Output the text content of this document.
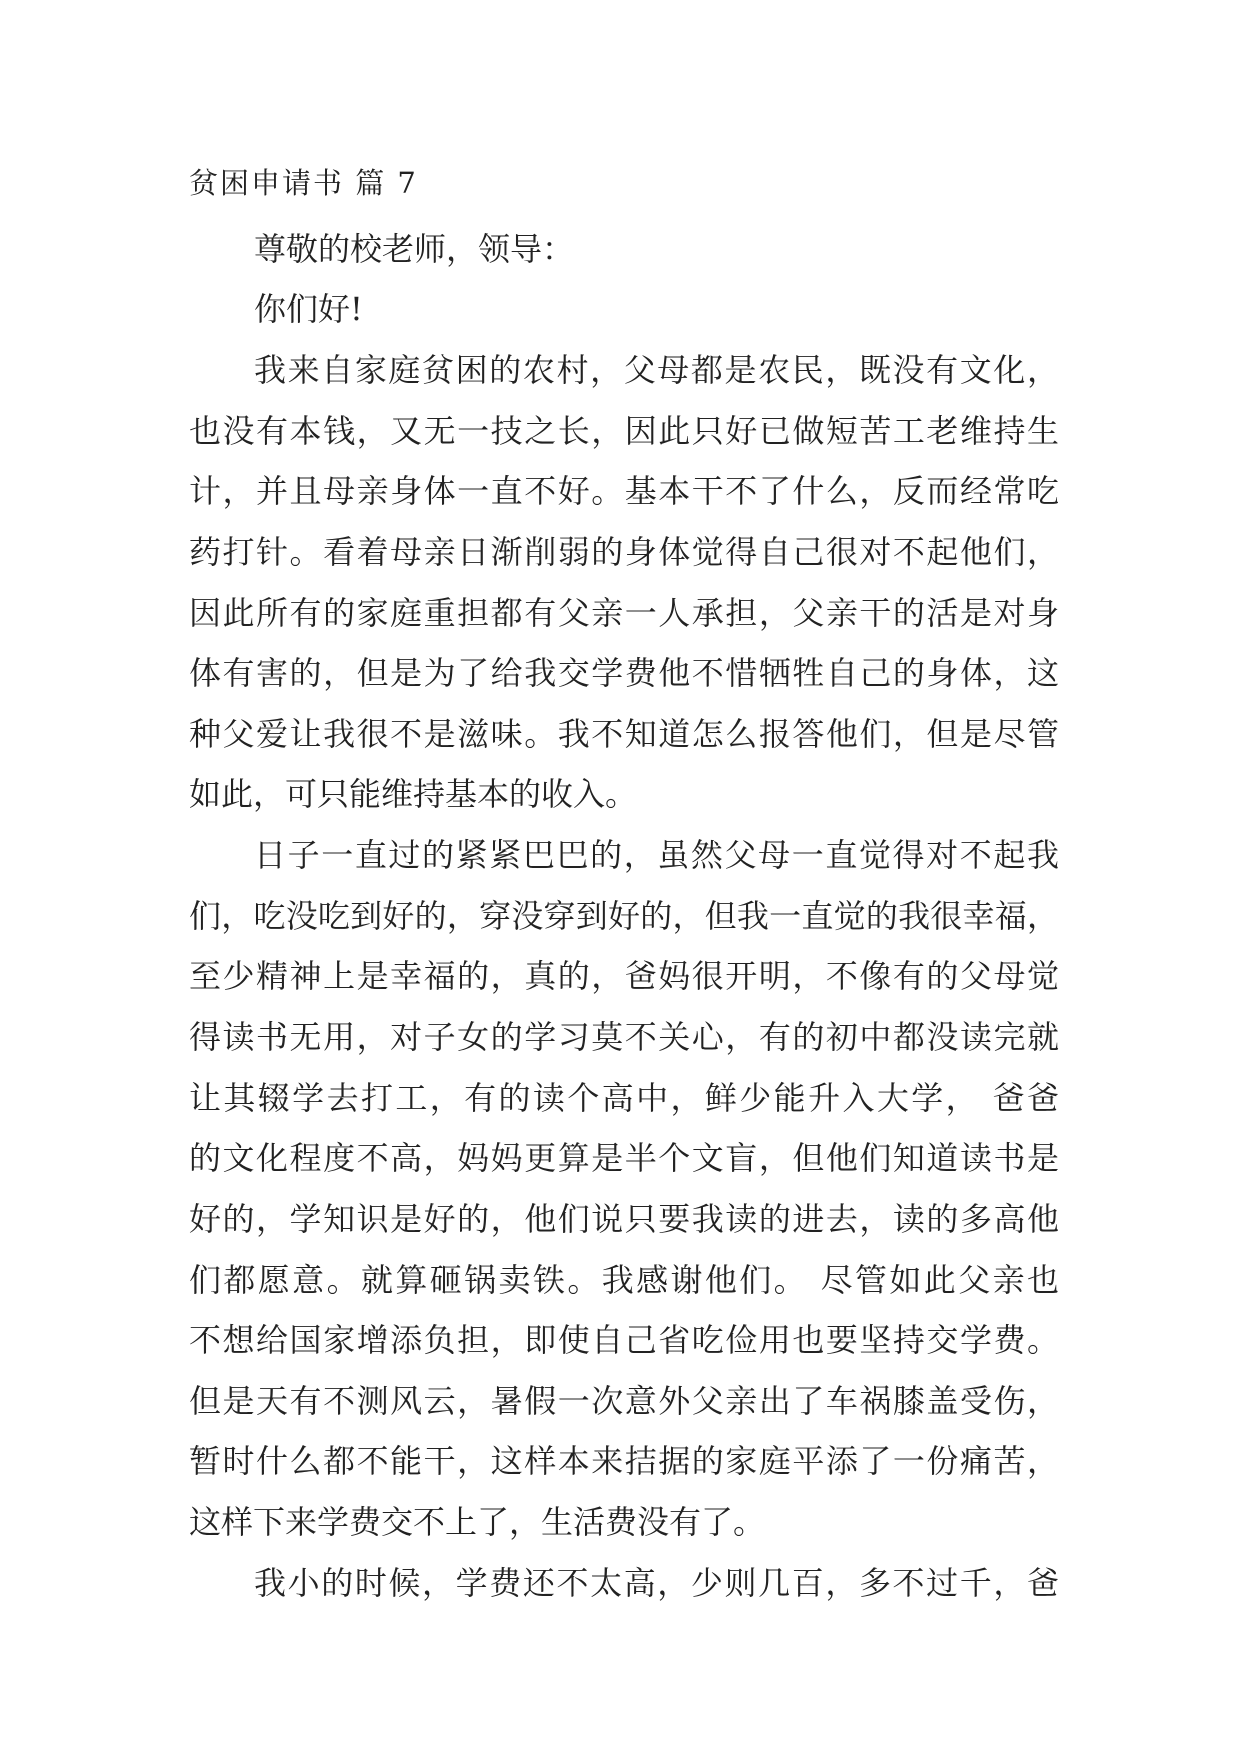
贫困申请书 篇 7
尊敬的校老师，领导：
你们好!
我来自家庭贫困的农村，父母都是农民，既没有文化，
也没有本钱，又无一技之长，因此只好已做短苦工老维持生
计，并且母亲身体一直不好。基本干不了什么，反而经常吃
药打针。看着母亲日渐削弱的身体觉得自己很对不起他们，
因此所有的家庭重担都有父亲一人承担，父亲干的活是对身
体有害的，但是为了给我交学费他不惜牺牲自己的身体，这
种父爱让我很不是滋味。我不知道怎么报答他们，但是尽管
如此，可只能维持基本的收入。
日子一直过的紧紧巴巴的，虽然父母一直觉得对不起我
们，吃没吃到好的，穿没穿到好的，但我一直觉的我很幸福，
至少精神上是幸福的，真的，爸妈很开明，不像有的父母觉
得读书无用，对子女的学习莫不关心，有的初中都没读完就
让其辍学去打工，有的读个高中，鲜少能升入大学， 爸爸
的文化程度不高，妈妈更算是半个文盲，但他们知道读书是
好的，学知识是好的，他们说只要我读的进去，读的多高他
们都愿意。就算砸锅卖铁。我感谢他们。 尽管如此父亲也
不想给国家增添负担，即使自己省吃俭用也要坚持交学费。
但是天有不测风云，暑假一次意外父亲出了车祸膝盖受伤，
暂时什么都不能干，这样本来拮据的家庭平添了一份痛苦，
这样下来学费交不上了，生活费没有了。
我小的时候，学费还不太高，少则几百，多不过千，爸
